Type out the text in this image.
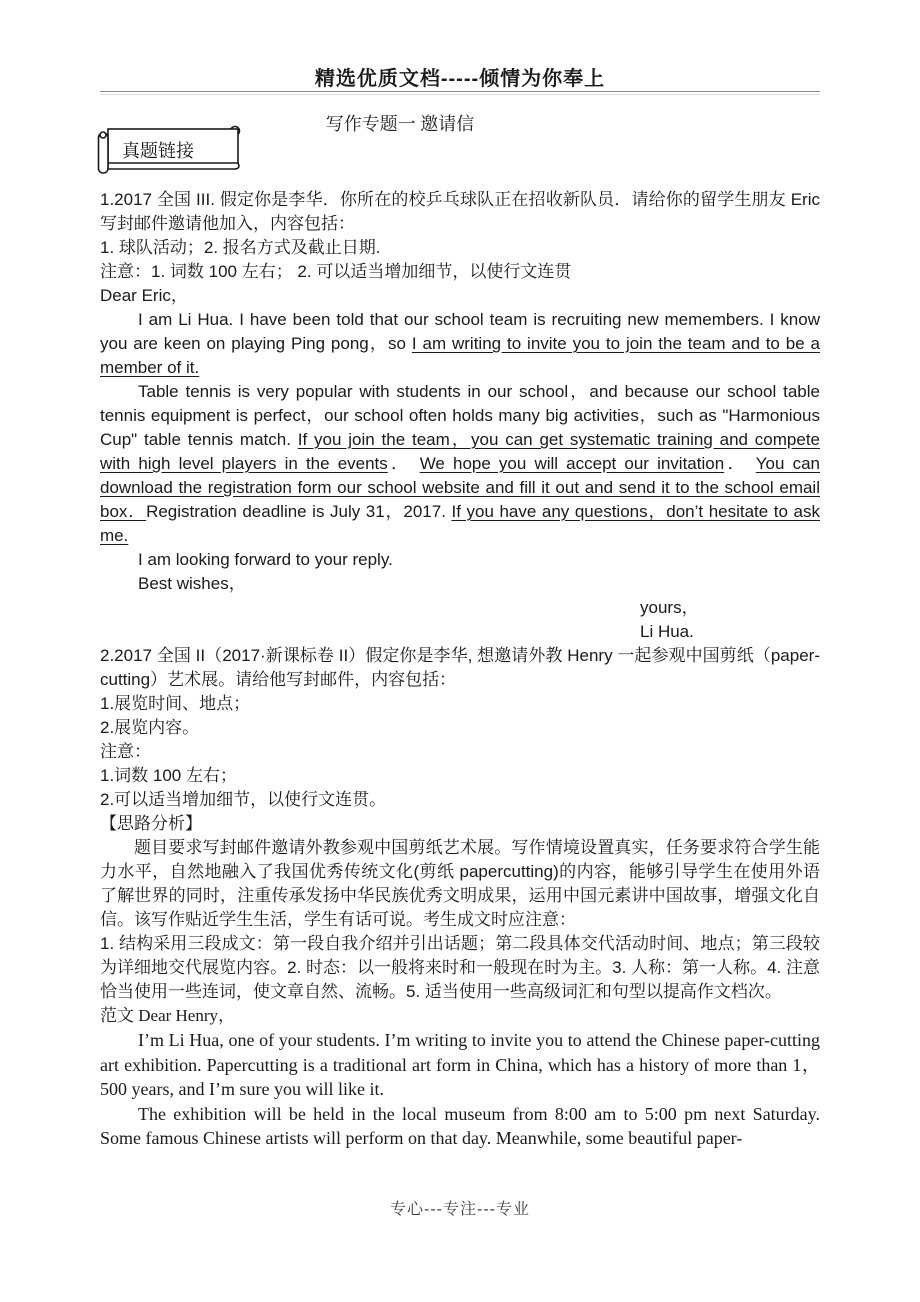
精选优质文档-----倾情为你奉上
写作专题一 邀请信
真题链接
1.2017 全国 III. 假定你是李华．你所在的校乒乓球队正在招收新队员．请给你的留学生朋友 Eric 写封邮件邀请他加入，内容包括：
1. 球队活动；2. 报名方式及截止日期.
注意：1. 词数 100 左右； 2. 可以适当增加细节，以使行文连贯
Dear Eric，
I am Li Hua. I have been told that our school team is recruiting new memembers. I know you are keen on playing Ping pong，so I am writing to invite you to join the team and to be a member of it.
Table tennis is very popular with students in our school，and because our school table tennis equipment is perfect，our school often holds many big activities，such as "Harmonious Cup" table tennis match. If you join the team，you can get systematic training and compete with high level players in the events． We hope you will accept our invitation． You can download the registration form our school website and fill it out and send it to the school email box．Registration deadline is July 31，2017. If you have any questions，don’t hesitate to ask me.
I am looking forward to your reply.
Best wishes，
yours，
Li Hua.
2.2017 全国 II（2017·新课标卷 II）假定你是李华, 想邀请外教 Henry 一起参观中国剪纸（paper-cutting）艺术展。请给他写封邮件，内容包括：
1.展览时间、地点；
2.展览内容。
注意：
1.词数 100 左右；
2.可以适当增加细节，以使行文连贯。
【思路分析】
题目要求写封邮件邀请外教参观中国剪纸艺术展。写作情境设置真实，任务要求符合学生能力水平，自然地融入了我国优秀传统文化(剪纸 papercutting)的内容，能够引导学生在使用外语了解世界的同时，注重传承发扬中华民族优秀文明成果，运用中国元素讲中国故事，增强文化自信。该写作贴近学生生活，学生有话可说。考生成文时应注意：
1. 结构采用三段成文：第一段自我介绍并引出话题；第二段具体交代活动时间、地点；第三段较为详细地交代展览内容。2. 时态：以一般将来时和一般现在时为主。3. 人称：第一人称。4. 注意恰当使用一些连词，使文章自然、流畅。5. 适当使用一些高级词汇和句型以提高作文档次。
范文 Dear Henry，
I’m Li Hua, one of your students. I’m writing to invite you to attend the Chinese paper-cutting art exhibition. Papercutting is a traditional art form in China, which has a history of more than 1，500 years, and I’m sure you will like it.
The exhibition will be held in the local museum from 8:00 am to 5:00 pm next Saturday. Some famous Chinese artists will perform on that day. Meanwhile, some beautiful paper-
专心---专注---专业
